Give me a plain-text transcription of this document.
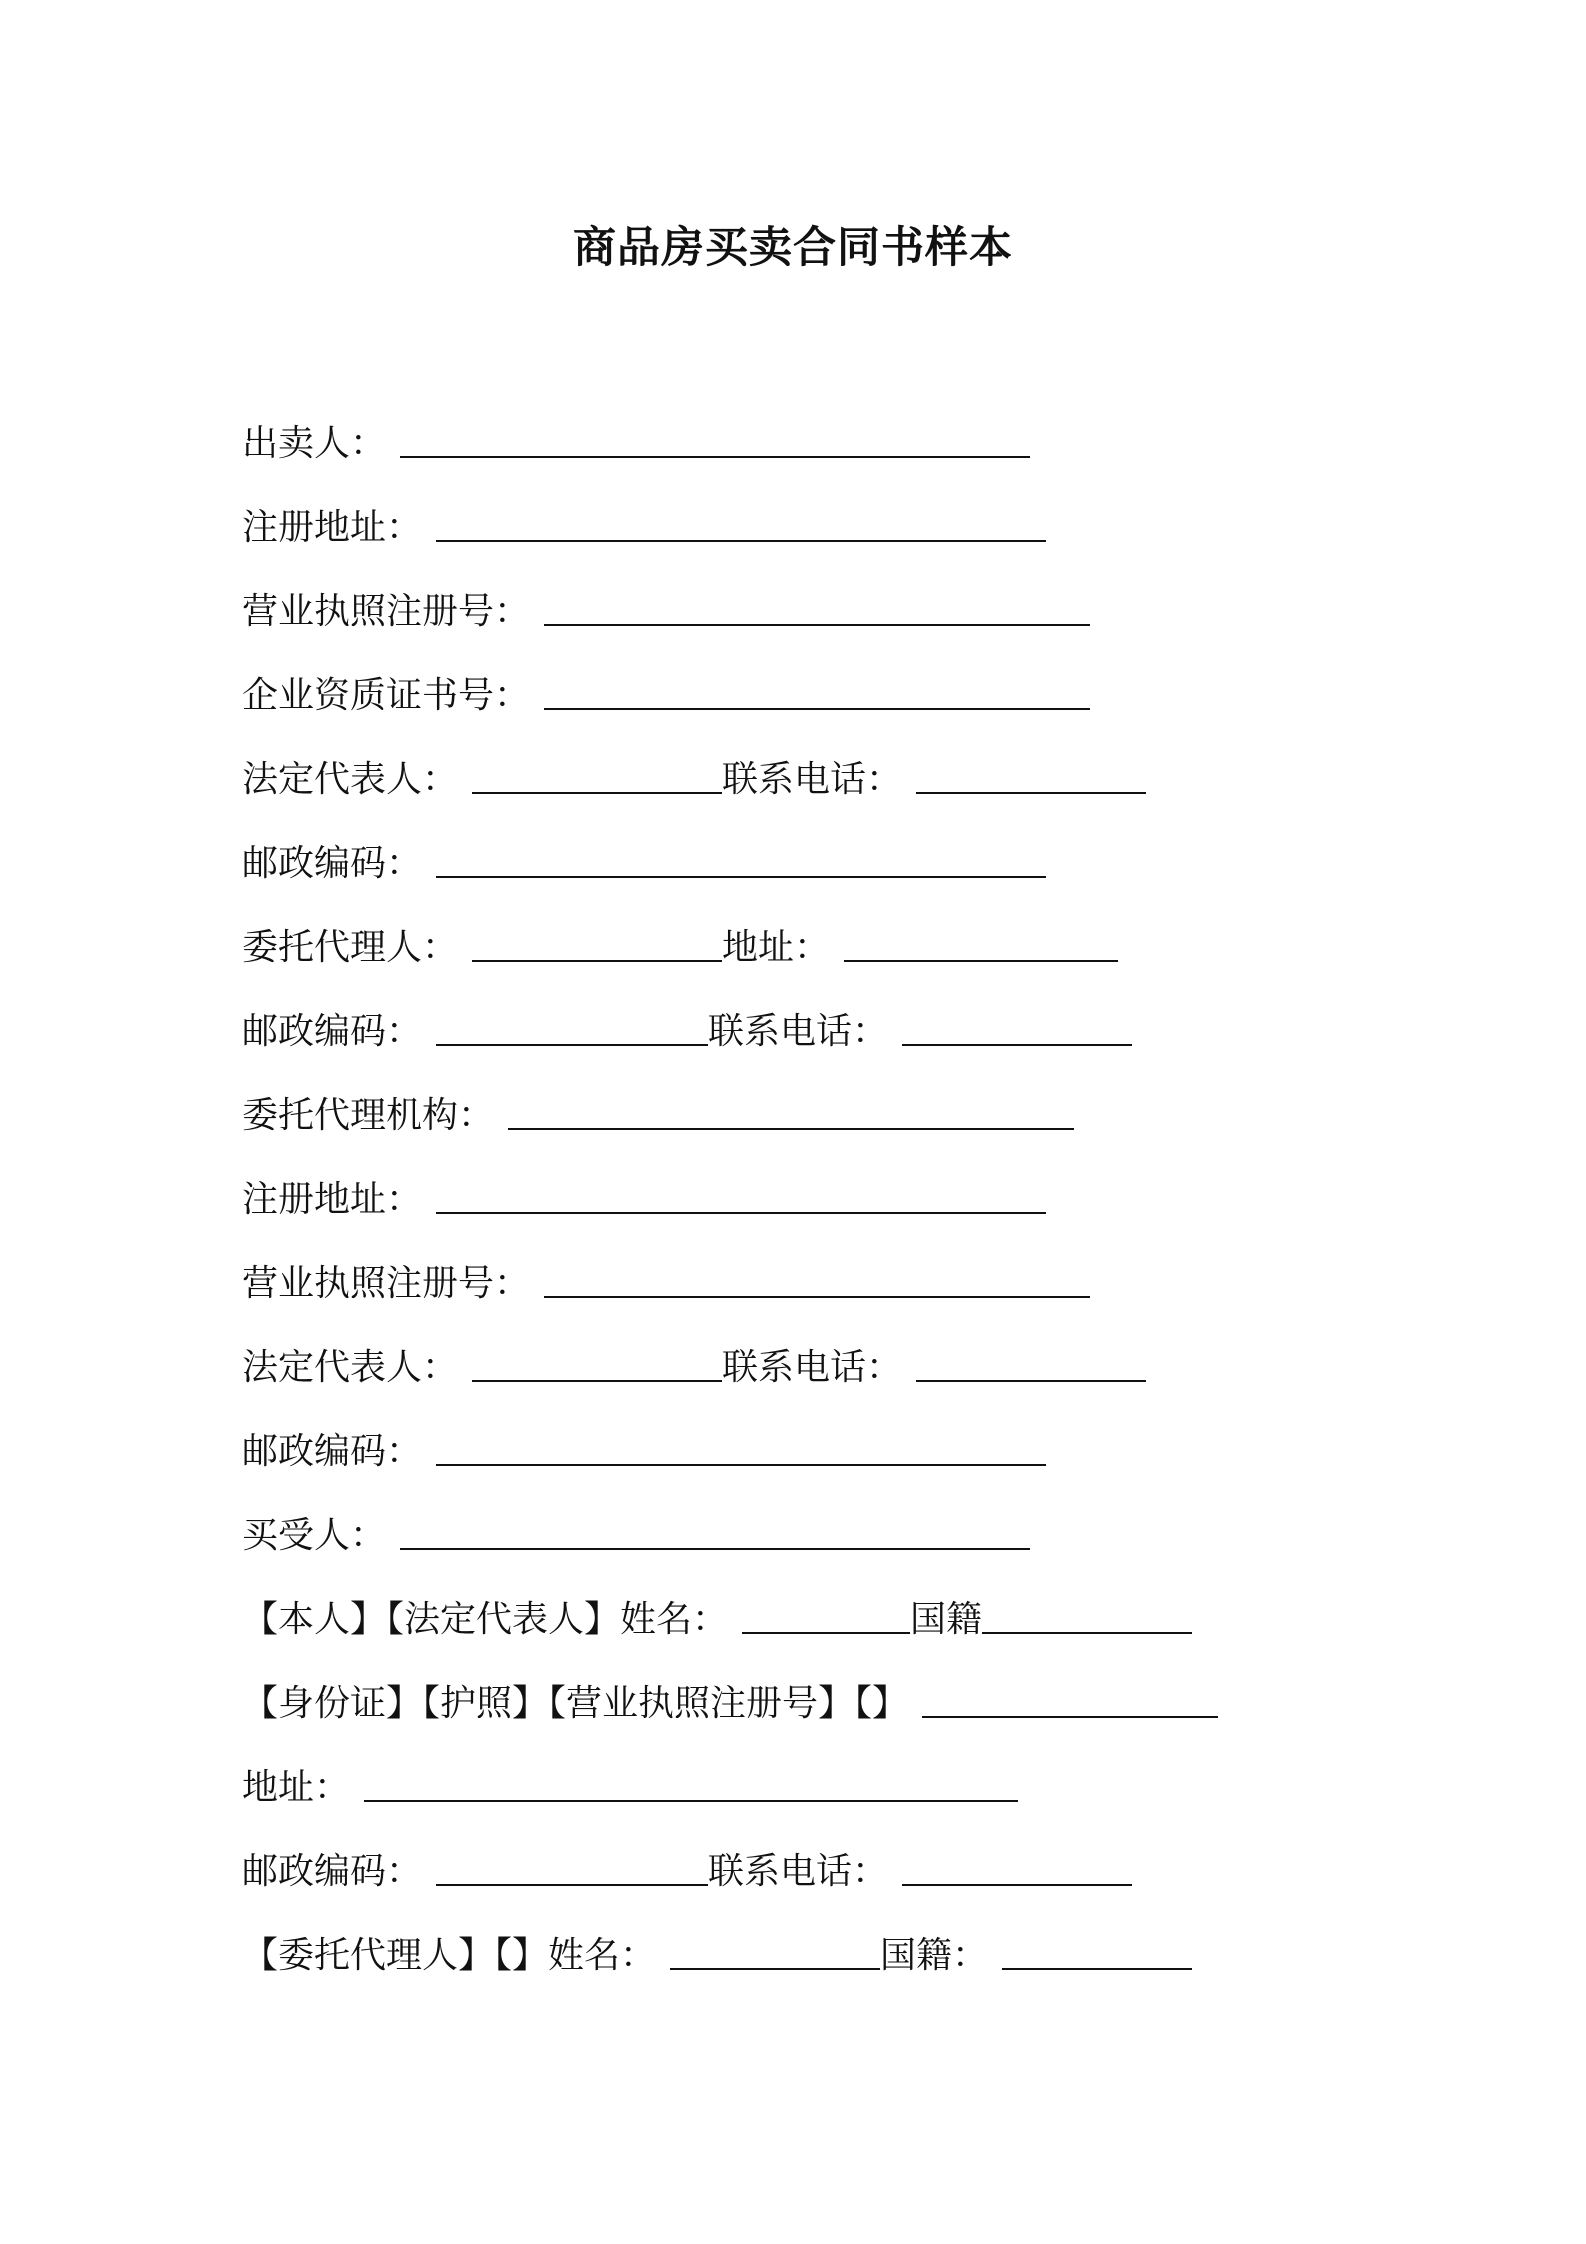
商品房买卖合同书样本
出卖人：
注册地址：
营业执照注册号：
企业资质证书号：
法定代表人：	联系电话：
邮政编码：
委托代理人：	地址：
邮政编码：	联系电话：
委托代理机构：
注册地址：
营业执照注册号：
法定代表人：	联系电话：
邮政编码：
买受人：
【本人】【法定代表人】姓名：	国籍
【身份证】【护照】【营业执照注册号】【】
地址：
邮政编码：	联系电话：
【委托代理人】【】姓名：	国籍：
